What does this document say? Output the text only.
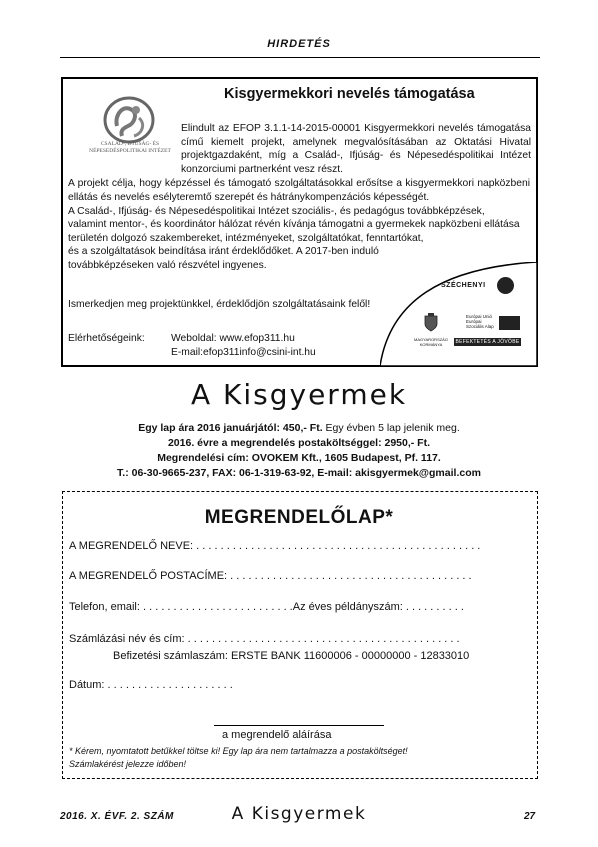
HIRDETÉS
CSALÁD-, IFJÚSÁG- ÉS NÉPESEDÉSPOLITIKAI INTÉZET
Kisgyermekkori nevelés támogatása

Elindult az EFOP 3.1.1-14-2015-00001 Kisgyermekkori nevelés támogatása című kiemelt projekt, amelynek megvalósításában az Oktatási Hivatal projektgazdaként, míg a Család-, Ifjúság- és Népesedéspolitikai Intézet konzorciumi partnerként vesz részt.

A projekt célja, hogy képzéssel és támogató szolgáltatásokkal erősítse a kisgyermekkori napközbeni ellátás és nevelés esélyteremtő szerepét és hátránykompenzációs képességét.

A Család-, Ifjúság- és Népesedéspolitikai Intézet szociális-, és pedagógus továbbképzések,

valamint mentor-, és koordinátor hálózat révén kívánja támogatni a gyermekek napközbeni ellátása

területén dolgozó szakembereket, intézményeket, szolgáltatókat, fenntartókat,

és a szolgáltatások beindítása iránt érdeklődőket. A 2017-ben induló

továbbképzéseken való részvétel ingyenes.

Ismerkedjen meg projektünkkel, érdeklődjön szolgáltatásaink felől!

Elérhetőségeink:	Weboldal: www.efop311.hu
E-mail:efop311info@csini-int.hu
SZÉCHENYI
MAGYARORSZÁG KORMÁNYA
Európai Unió Európai Szociális Alap
BEFEKTETÉS A JÖVŐBE
A Kisgyermek
Egy lap ára 2016 januárjától: 450,- Ft. Egy évben 5 lap jelenik meg.
2016. évre a megrendelés postaköltséggel: 2950,- Ft.
Megrendelési cím: OVOKEM Kft., 1605 Budapest, Pf. 117.
T.: 06-30-9665-237, FAX: 06-1-319-63-92, E-mail: akisgyermek@gmail.com
MEGRENDELŐLAP*
A MEGRENDELŐ NEVE: . . . . . . . . . . . . . . . . . . . . . . . . . . . . . . . . . . . . . . . . . . . . . . .
A MEGRENDELŐ POSTACÍME: . . . . . . . . . . . . . . . . . . . . . . . . . . . . . . . . . . . . . . . .
Telefon, email: . . . . . . . . . . . . . . . . . . . . . . . . .Az éves példányszám: . . . . . . . . . .
Számlázási név és cím: . . . . . . . . . . . . . . . . . . . . . . . . . . . . . . . . . . . . . . . . . . . . .
Befizetési számlaszám: ERSTE BANK 11600006 - 00000000 - 12833010
Dátum: . . . . . . . . . . . . . . . . . . . . .
a megrendelő aláírása
* Kérem, nyomtatott betűkkel töltse ki! Egy lap ára nem tartalmazza a postaköltséget!
Számlakérést jelezze időben!
2016. X. ÉVF. 2. SZÁM	A Kisgyermek	27
